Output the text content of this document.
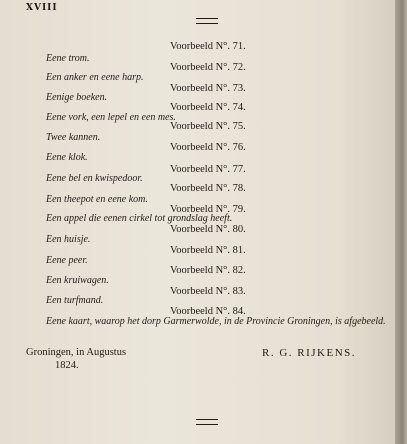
XVIII
Voorbeeld N°. 71.
Eene trom.
Voorbeeld N°. 72.
Een anker en eene harp.
Voorbeeld N°. 73.
Eenige boeken.
Voorbeeld N°. 74.
Eene vork, een lepel en een mes.
Voorbeeld N°. 75.
Twee kannen.
Voorbeeld N°. 76.
Eene klok.
Voorbeeld N°. 77.
Eene bel en kwispedoor.
Voorbeeld N°. 78.
Een theepot en eene kom.
Voorbeeld N°. 79.
Een appel die eenen cirkel tot grondslag heeft.
Voorbeeld N°. 80.
Een huisje.
Voorbeeld N°. 81.
Eene peer.
Voorbeeld N°. 82.
Een kruiwagen.
Voorbeeld N°. 83.
Een turfmand.
Voorbeeld N°. 84.
Eene kaart, waarop het dorp Garmerwolde, in de Provincie Groningen, is afgebeeld.
Groningen, in Augustus
1824.
R. G. RIJKENS.
